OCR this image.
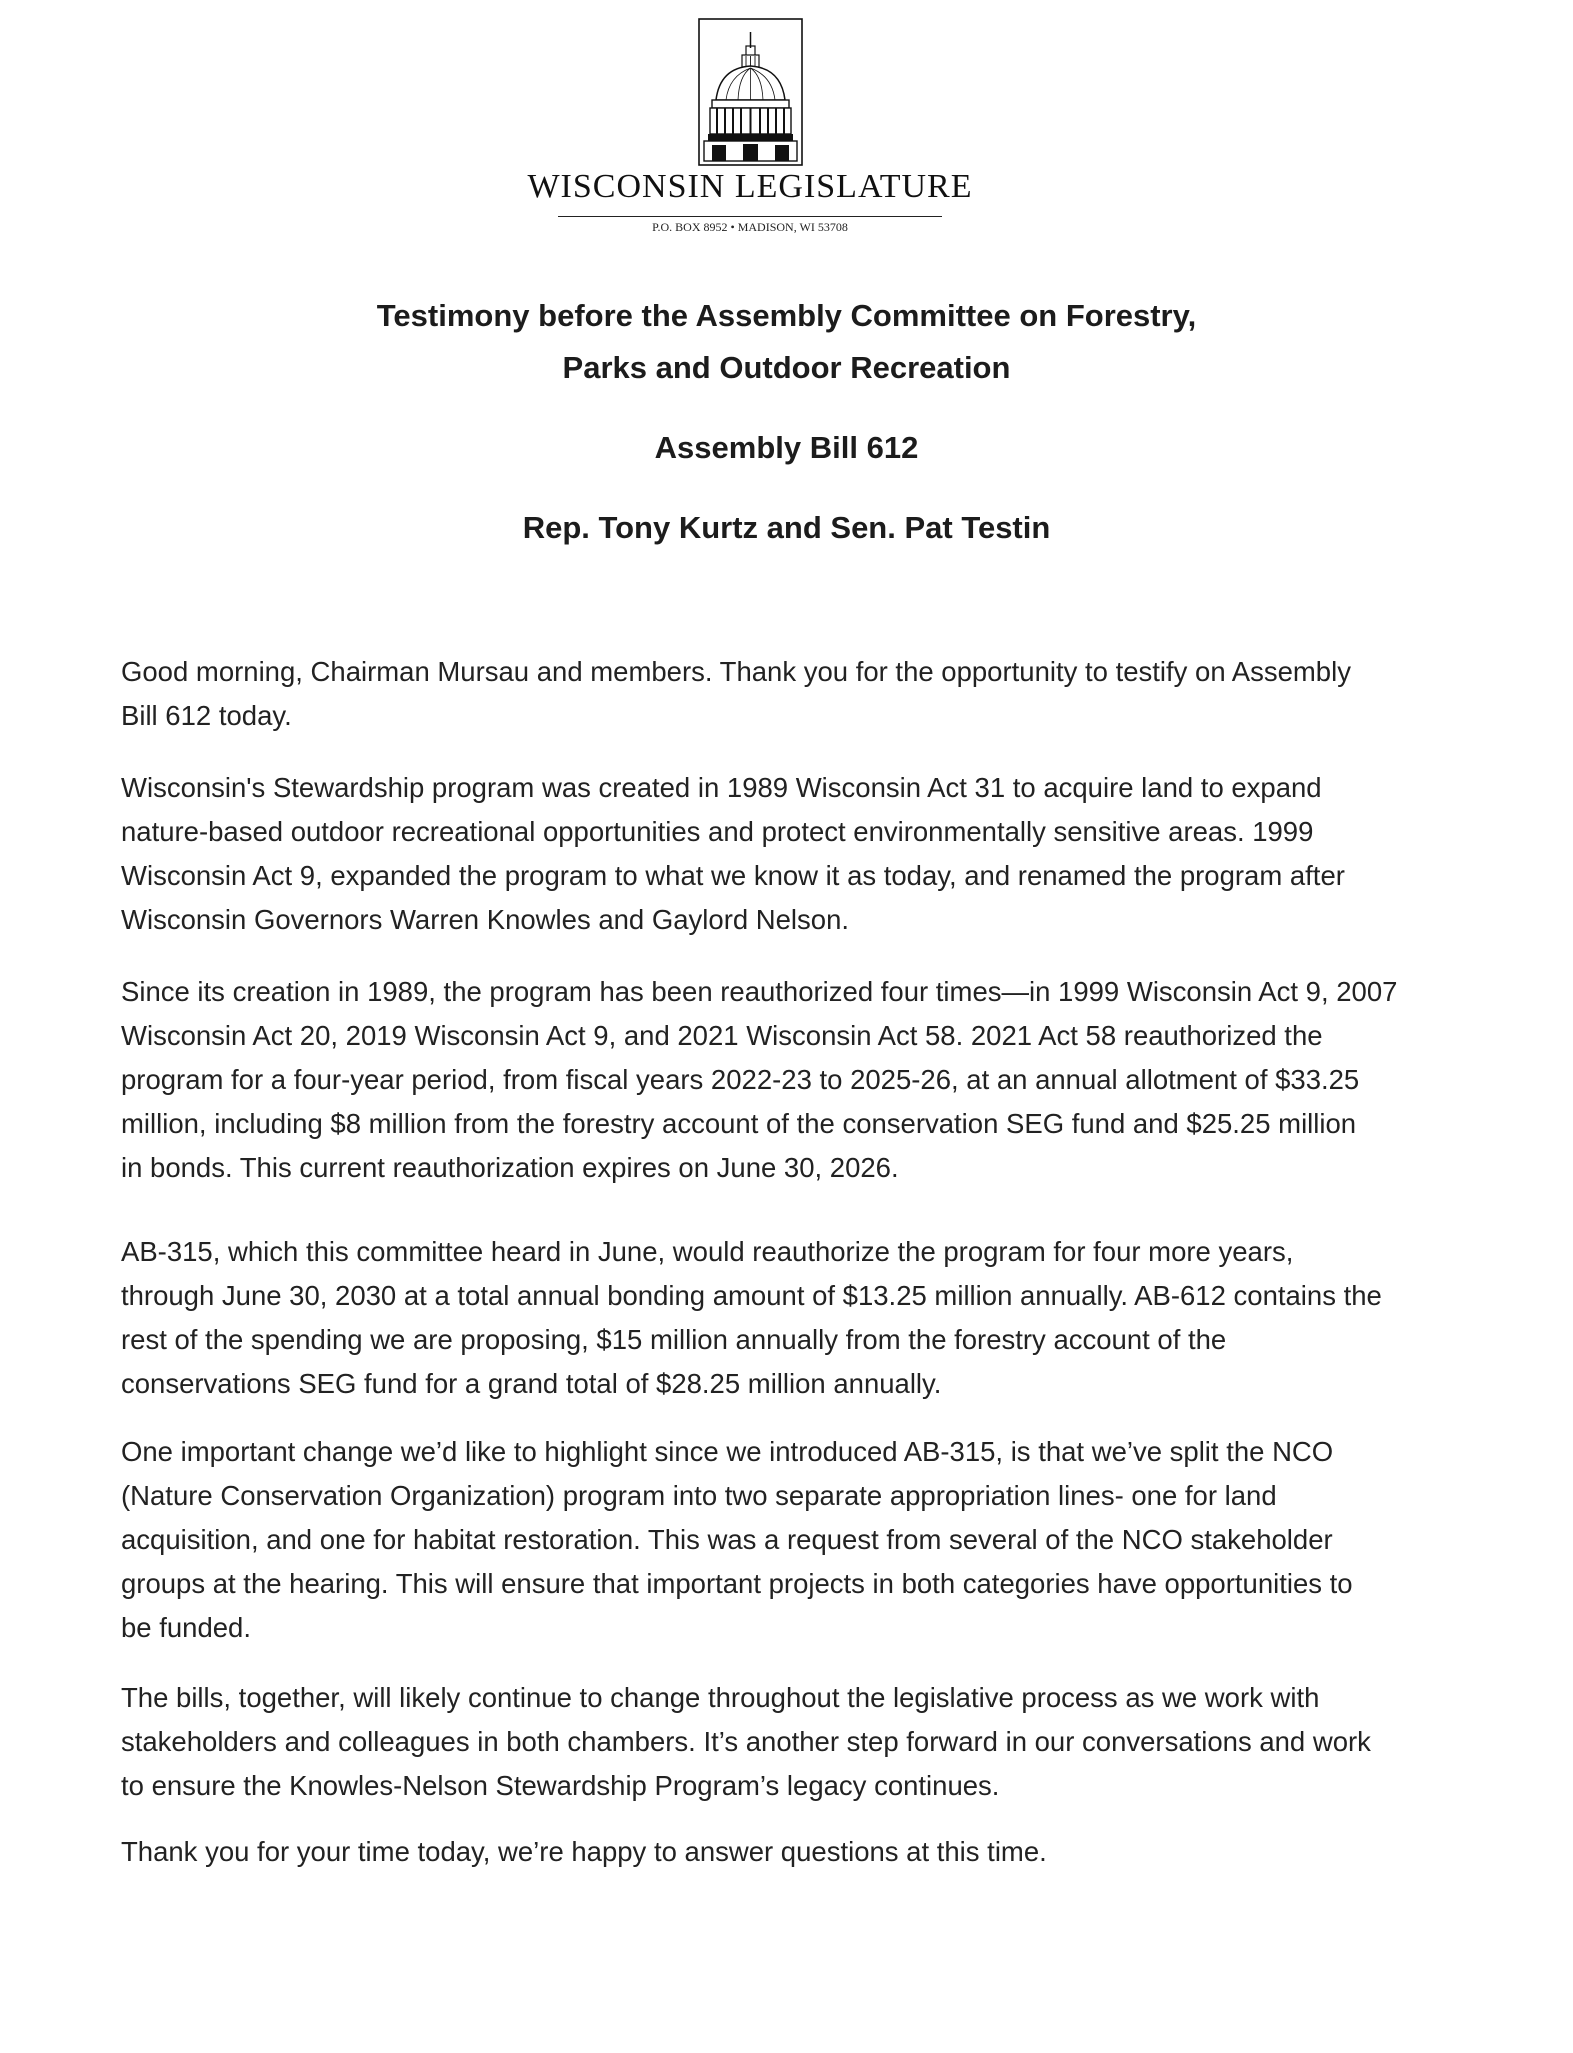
WISCONSIN LEGISLATURE
P.O. BOX 8952 • MADISON, WI 53708
Testimony before the Assembly Committee on Forestry,
Parks and Outdoor Recreation
Assembly Bill 612
Rep. Tony Kurtz and Sen. Pat Testin
Good morning, Chairman Mursau and members. Thank you for the opportunity to testify on Assembly
Bill 612 today.
Wisconsin's Stewardship program was created in 1989 Wisconsin Act 31 to acquire land to expand
nature-based outdoor recreational opportunities and protect environmentally sensitive areas. 1999
Wisconsin Act 9, expanded the program to what we know it as today, and renamed the program after
Wisconsin Governors Warren Knowles and Gaylord Nelson.
Since its creation in 1989, the program has been reauthorized four times—in 1999 Wisconsin Act 9, 2007
Wisconsin Act 20, 2019 Wisconsin Act 9, and 2021 Wisconsin Act 58. 2021 Act 58 reauthorized the
program for a four-year period, from fiscal years 2022-23 to 2025-26, at an annual allotment of $33.25
million, including $8 million from the forestry account of the conservation SEG fund and $25.25 million
in bonds. This current reauthorization expires on June 30, 2026.
AB-315, which this committee heard in June, would reauthorize the program for four more years,
through June 30, 2030 at a total annual bonding amount of $13.25 million annually. AB-612 contains the
rest of the spending we are proposing, $15 million annually from the forestry account of the
conservations SEG fund for a grand total of $28.25 million annually.
One important change we’d like to highlight since we introduced AB-315, is that we’ve split the NCO
(Nature Conservation Organization) program into two separate appropriation lines- one for land
acquisition, and one for habitat restoration. This was a request from several of the NCO stakeholder
groups at the hearing. This will ensure that important projects in both categories have opportunities to
be funded.
The bills, together, will likely continue to change throughout the legislative process as we work with
stakeholders and colleagues in both chambers. It’s another step forward in our conversations and work
to ensure the Knowles-Nelson Stewardship Program’s legacy continues.
Thank you for your time today, we’re happy to answer questions at this time.
